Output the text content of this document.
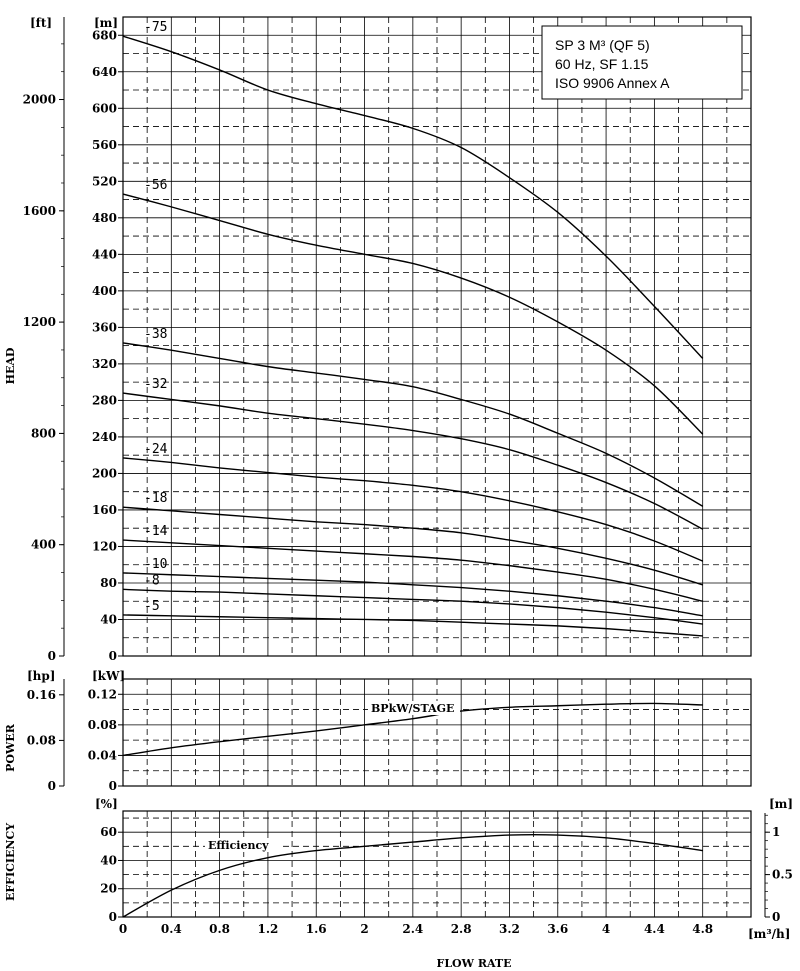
0
40
80
120
160
200
240
280
320
360
400
440
480
520
560
600
640
680
0
400
800
1200
1600
2000
-75
-56
-38
-32
-24
-18
-14
-10
-8
-5
0
0.04
0.08
0.12
0
0.08
0.16
0
20
40
60
0
0.5
1
0	0.4 0.8 1.2 1.6	2	2.4 2.8 3.2 3.6	4	4.4 4.8
SP 3 M³ (QF 5)
60 Hz, SF 1.15
ISO 9906 Annex A
[ft]	[m]
[hp]	[kW]
[%]	[m]
[m³/h]
HEAD
POWER
EFFICIENCY
FLOW RATE
BPkW/STAGE
Efficiency
